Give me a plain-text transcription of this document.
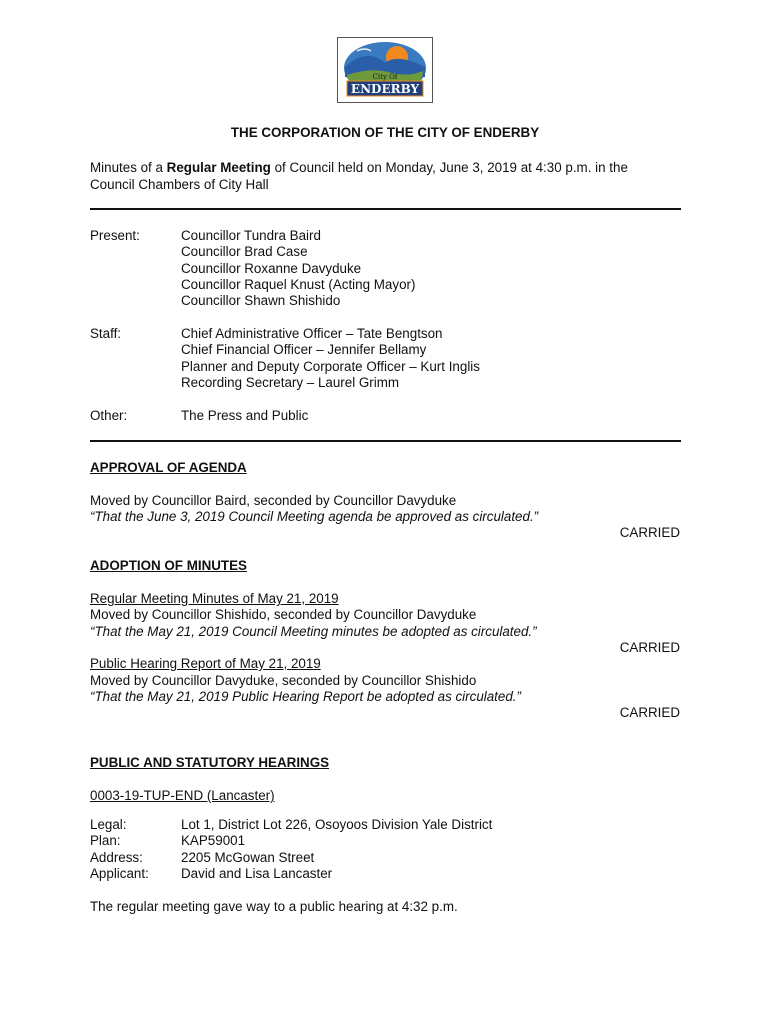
City Of
ENDERBY
THE CORPORATION OF THE CITY OF ENDERBY
Minutes of a Regular Meeting of Council held on Monday, June 3, 2019 at 4:30 p.m. in the
Council Chambers of City Hall
Present:	Councillor Tundra Baird
Councillor Brad Case
Councillor Roxanne Davyduke
Councillor Raquel Knust (Acting Mayor)
Councillor Shawn Shishido
Staff:	Chief Administrative Officer – Tate Bengtson
Chief Financial Officer – Jennifer Bellamy
Planner and Deputy Corporate Officer – Kurt Inglis
Recording Secretary – Laurel Grimm
Other:	The Press and Public
APPROVAL OF AGENDA
Moved by Councillor Baird, seconded by Councillor Davyduke
“That the June 3, 2019 Council Meeting agenda be approved as circulated.”
CARRIED
ADOPTION OF MINUTES
Regular Meeting Minutes of May 21, 2019
Moved by Councillor Shishido, seconded by Councillor Davyduke
“That the May 21, 2019 Council Meeting minutes be adopted as circulated.”
CARRIED
Public Hearing Report of May 21, 2019
Moved by Councillor Davyduke, seconded by Councillor Shishido
“That the May 21, 2019 Public Hearing Report be adopted as circulated.”
CARRIED
PUBLIC AND STATUTORY HEARINGS
0003-19-TUP-END (Lancaster)
Legal:	Lot 1, District Lot 226, Osoyoos Division Yale District
Plan:	KAP59001
Address:	2205 McGowan Street
Applicant: David and Lisa Lancaster
The regular meeting gave way to a public hearing at 4:32 p.m.
